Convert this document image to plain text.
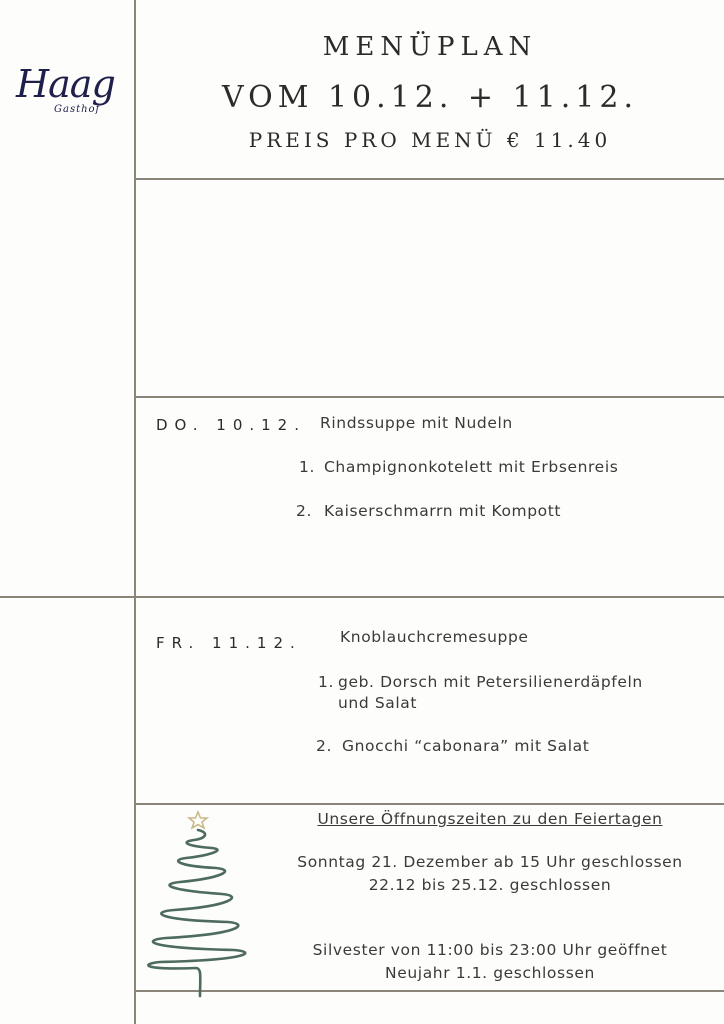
Haag
Gasthof
MENÜPLAN
VOM 10.12. + 11.12.
PREIS PRO MENÜ € 11.40
DO. 10.12. Rindssuppe mit Nudeln
1. Champignonkotelett mit Erbsenreis
2. Kaiserschmarrn mit Kompott
FR. 11.12. Knoblauchcremesuppe
1. geb. Dorsch mit Petersilienerdäpfeln
und Salat
2. Gnocchi “cabonara” mit Salat
Unsere Öffnungszeiten zu den Feiertagen
Sonntag 21. Dezember ab 15 Uhr geschlossen
22.12 bis 25.12. geschlossen
Silvester von 11:00 bis 23:00 Uhr geöffnet
Neujahr 1.1. geschlossen
